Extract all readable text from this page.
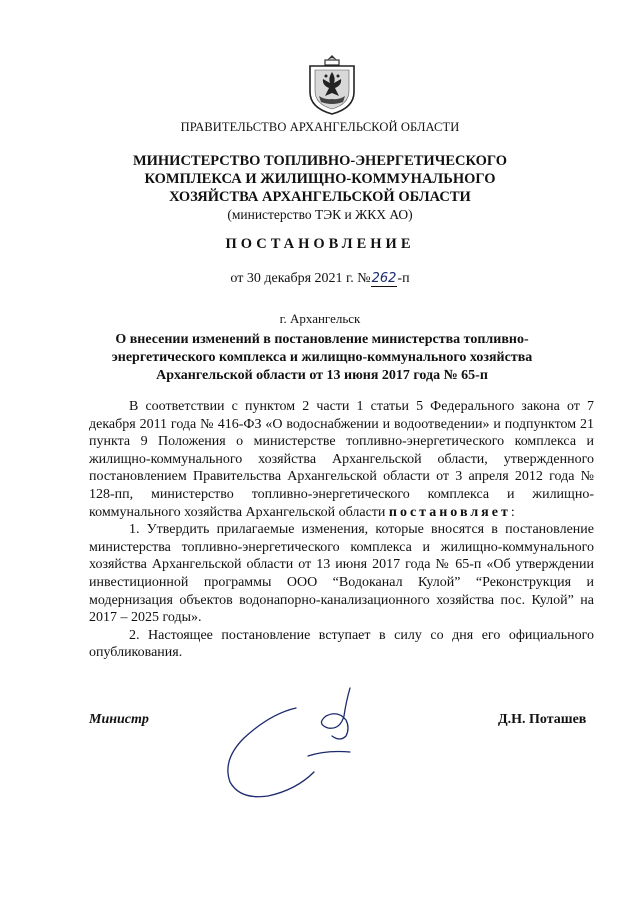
ПРАВИТЕЛЬСТВО АРХАНГЕЛЬСКОЙ ОБЛАСТИ
МИНИСТЕРСТВО ТОПЛИВНО-ЭНЕРГЕТИЧЕСКОГО
КОМПЛЕКСА И ЖИЛИЩНО-КОММУНАЛЬНОГО
ХОЗЯЙСТВА АРХАНГЕЛЬСКОЙ ОБЛАСТИ
(министерство ТЭК и ЖКХ АО)
ПОСТАНОВЛЕНИЕ
от 30 декабря 2021 г. №262-п
г. Архангельск
О внесении изменений в постановление министерства топливно-
энергетического комплекса и жилищно-коммунального хозяйства
Архангельской области от 13 июня 2017 года № 65-п

В соответствии с пунктом 2 части 1 статьи 5 Федерального закона от 7 декабря 2011 года № 416-ФЗ «О водоснабжении и водоотведении» и подпунктом 21 пункта 9 Положения о министерстве топливно-энергетического комплекса и жилищно-коммунального хозяйства Архангельской области, утвержденного постановлением Правительства Архангельской области от 3 апреля 2012 года № 128-пп, министерство топливно-энергетического комплекса и жилищно-коммунального хозяйства Архангельской области постановляет:

1. Утвердить прилагаемые изменения, которые вносятся в постановление министерства топливно-энергетического комплекса и жилищно-коммунального хозяйства Архангельской области от 13 июня 2017 года № 65-п «Об утверждении инвестиционной программы ООО “Водоканал Кулой” “Реконструкция и модернизация объектов водонапорно-канализационного хозяйства пос. Кулой” на 2017 – 2025 годы».

2. Настоящее постановление вступает в силу со дня его официального опубликования.

Министр	Д.Н. Поташев
